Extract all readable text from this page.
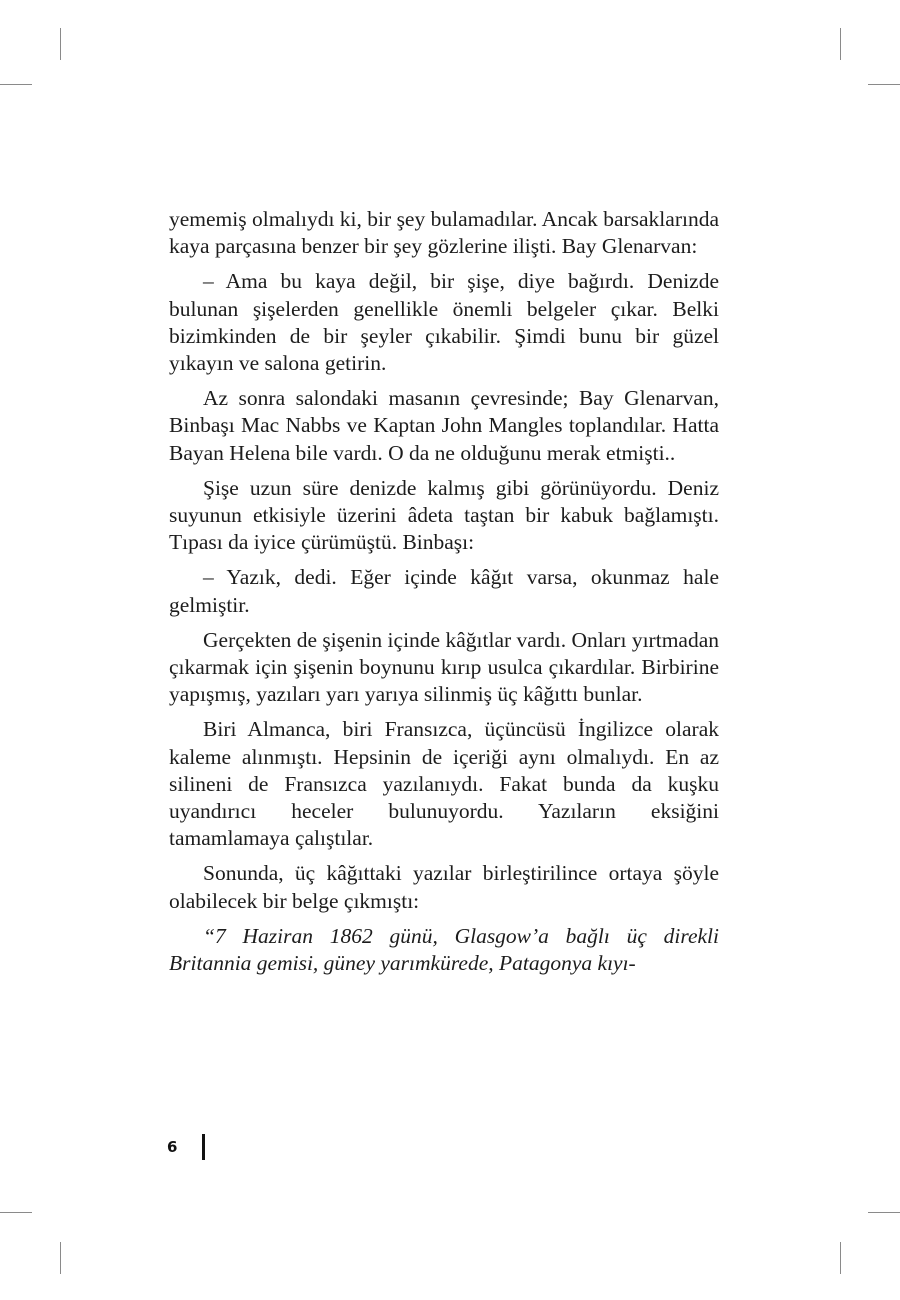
yememiş olmalıydı ki, bir şey bulamadılar. Ancak barsaklarında kaya parçasına benzer bir şey gözlerine ilişti. Bay Glenarvan:

– Ama bu kaya değil, bir şişe, diye bağırdı. Denizde bulunan şişelerden genellikle önemli belgeler çıkar. Belki bizimkinden de bir şeyler çıkabilir. Şimdi bunu bir güzel yıkayın ve salona getirin.

Az sonra salondaki masanın çevresinde; Bay Glenarvan, Binbaşı Mac Nabbs ve Kaptan John Mangles toplandılar. Hatta Bayan Helena bile vardı. O da ne olduğunu merak etmişti..

Şişe uzun süre denizde kalmış gibi görünüyordu. Deniz suyunun etkisiyle üzerini âdeta taştan bir kabuk bağlamıştı. Tıpası da iyice çürümüştü. Binbaşı:

– Yazık, dedi. Eğer içinde kâğıt varsa, okunmaz hale gelmiştir.

Gerçekten de şişenin içinde kâğıtlar vardı. Onları yırtmadan çıkarmak için şişenin boynunu kırıp usulca çıkardılar. Birbirine yapışmış, yazıları yarı yarıya silinmiş üç kâğıttı bunlar.

Biri Almanca, biri Fransızca, üçüncüsü İngilizce olarak kaleme alınmıştı. Hepsinin de içeriği aynı olmalıydı. En az silineni de Fransızca yazılanıydı. Fakat bunda da kuşku uyandırıcı heceler bulunuyordu. Yazıların eksiğini tamamlamaya çalıştılar.

Sonunda, üç kâğıttaki yazılar birleştirilince ortaya şöyle olabilecek bir belge çıkmıştı:

“7 Haziran 1862 günü, Glasgow’a bağlı üç direkli Britannia gemisi, güney yarımkürede, Patagonya kıyı-

6
